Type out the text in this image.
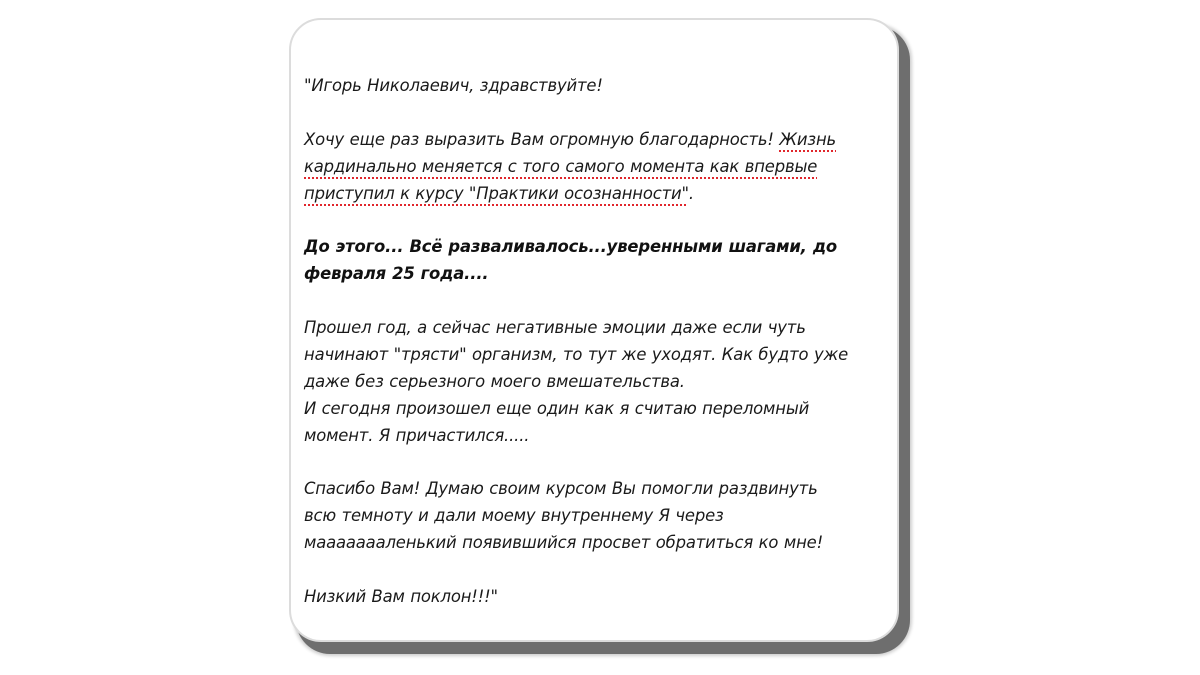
"Игорь Николаевич, здравствуйте!

Хочу еще раз выразить Вам огромную благодарность! Жизнь
кардинально меняется с того самого момента как впервые
приступил к курсу "Практики осознанности".

До этого... Всё разваливалось...уверенными шагами, до
февраля 25 года....

Прошел год, а сейчас негативные эмоции даже если чуть
начинают "трясти" организм, то тут же уходят. Как будто уже
даже без серьезного моего вмешательства.
И сегодня произошел еще один как я считаю переломный
момент. Я причастился.....

Спасибо Вам! Думаю своим курсом Вы помогли раздвинуть
всю темноту и дали моему внутреннему Я через
маааааааленький появившийся просвет обратиться ко мне!

Низкий Вам поклон!!!"
